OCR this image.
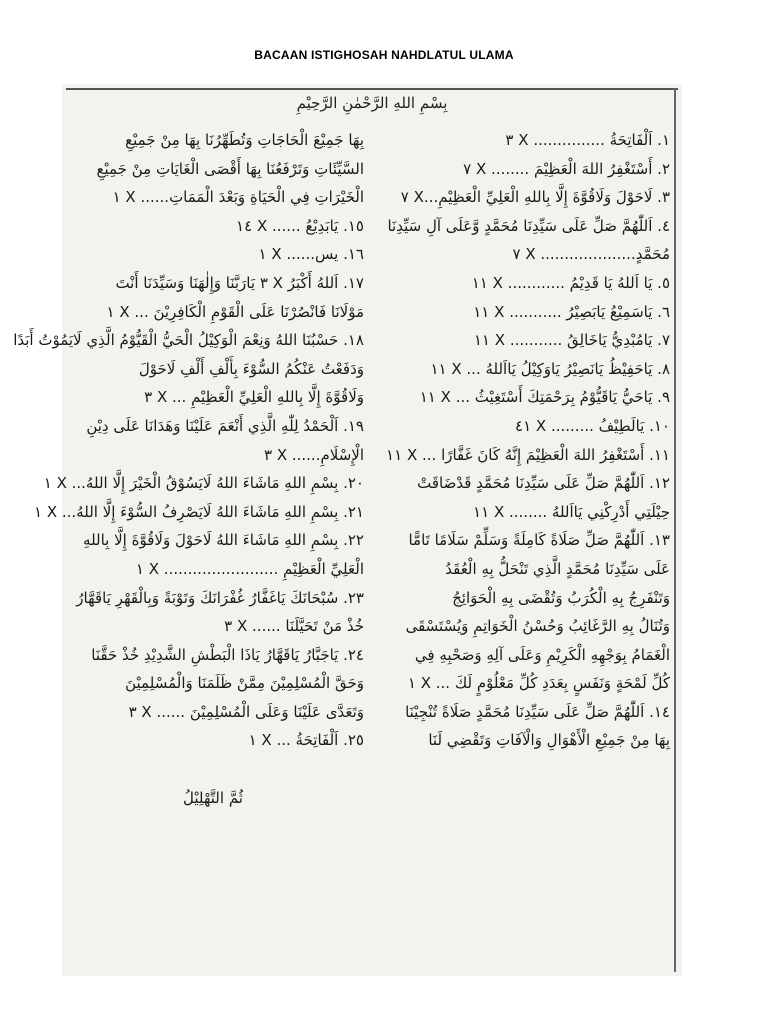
BACAAN ISTIGHOSAH NAHDLATUL ULAMA
بِسْمِ اللهِ الرَّحْمٰنِ الرَّحِيْمِ
١. اَلْفَاتِحَةُ ............... X ٣
٢. أَسْتَغْفِرُ اللهَ الْعَظِيْمَ ........ X ٧
٣. لَاحَوْلَ وَلَاقُوَّةَ إِلَّا بِاللهِ الْعَلِيِّ الْعَظِيْمِ...X ٧
٤. اَللّٰهُمَّ صَلِّ عَلَى سَيِّدِنَا مُحَمَّدٍ وَّعَلَى آلِ سَيِّدِنَا
مُحَمَّدٍ.................... X ٧
٥. يَا اَللهُ يَا قَدِيْمُ ............ X ١١
٦. يَاسَمِيْعُ يَابَصِيْرُ ........... X ١١
٧. يَامُبْدِيُّ يَاخَالِقُ ........... X ١١
٨. يَاحَفِيْظُ يَانَصِيْرُ يَاوَكِيْلُ يَااَللهُ ... X ١١
٩. يَاحَيُّ يَاقَيُّوْمُ بِرَحْمَتِكَ أَسْتَغِيْثُ ... X ١١
١٠. يَالَطِيْفُ ......... X ٤١
١١. أَسْتَغْفِرُ اللهَ الْعَظِيْمَ إِنَّهُ كَانَ غَفَّارًا ... X ١١
١٢. اَللّٰهُمَّ صَلِّ عَلَى سَيِّدِنَا مُحَمَّدٍ قَدْضَاقَتْ
حِيْلَتِي أَدْرِكْنِي يَااَللهُ ........ X ١١
١٣. اَللّٰهُمَّ صَلِّ صَلَاةً كَامِلَةً وَسَلِّمْ سَلَامًا تَامًّا
عَلَى سَيِّدِنَا مُحَمَّدٍ الَّذِي تَنْحَلُّ بِهِ الْعُقَدُ
وَتَنْفَرِجُ بِهِ الْكُرَبُ وَتُقْضَى بِهِ الْحَوَائِجُ
وَتُنَالُ بِهِ الرَّغَائِبُ وَحُسْنُ الْخَوَاتِمِ وَيُسْتَسْقَى
الْغَمَامُ بِوَجْهِهِ الْكَرِيْمِ وَعَلَى آلِهِ وَصَحْبِهِ فِي
كُلِّ لَمْحَةٍ وَنَفَسٍ بِعَدَدِ كُلِّ مَعْلُوْمٍ لَكَ ... X ١
١٤. اَللّٰهُمَّ صَلِّ عَلَى سَيِّدِنَا مُحَمَّدٍ صَلَاةً تُنْجِيْنَا
بِهَا مِنْ جَمِيْعِ الْأَهْوَالِ وَالْآفَاتِ وَتَقْضِي لَنَا
بِهَا جَمِيْعَ الْحَاجَاتِ وَتُطَهِّرُنَا بِهَا مِنْ جَمِيْعِ
السَّيِّئَاتِ وَتَرْفَعُنَا بِهَا أَقْصَى الْغَايَاتِ مِنْ جَمِيْعِ
الْخَيْرَاتِ فِي الْحَيَاةِ وَبَعْدَ الْمَمَاتِ...... X ١
١٥. يَابَدِيْعُ ...... X ١٤
١٦. يس...... X ١
١٧. اَللهُ أَكْبَرُ X ٣ يَارَبَّنَا وَإِلٰهَنَا وَسَيِّدَنَا أَنْتَ
مَوْلَانَا فَانْصُرْنَا عَلَى الْقَوْمِ الْكَافِرِيْنَ ... X ١
١٨. حَسْبُنَا اللهُ وَنِعْمَ الْوَكِيْلُ الْحَيُّ الْقَيُّوْمُ الَّذِي لَايَمُوْتُ أَبَدًا
وَدَفَعْتُ عَنْكُمُ السُّوْءَ بِأَلْفِ أَلْفِ لَاحَوْلَ
وَلَاقُوَّةَ إِلَّا بِاللهِ الْعَلِيِّ الْعَظِيْمِ ... X ٣
١٩. اَلْحَمْدُ لِلّٰهِ الَّذِي أَنْعَمَ عَلَيْنَا وَهَدَانَا عَلَى دِيْنِ
الْإِسْلَامِ...... X ٣
٢٠. بِسْمِ اللهِ مَاشَاءَ اللهُ لَايَسُوْقُ الْخَيْرَ إِلَّا اللهُ... X ١
٢١. بِسْمِ اللهِ مَاشَاءَ اللهُ لَايَصْرِفُ السُّوْءَ إِلَّا اللهُ... X ١
٢٢. بِسْمِ اللهِ مَاشَاءَ اللهُ لَاحَوْلَ وَلَاقُوَّةَ إِلَّا بِاللهِ
الْعَلِيِّ الْعَظِيْمِ ........................ X ١
٢٣. سُبْحَانَكَ يَاغَفَّارُ غُفْرَانَكَ وَتَوْبَةً وَبِالْقَهْرِ يَاقَهَّارُ
خُذْ مَنْ تَحَيَّلَنَا ...... X ٣
٢٤. يَاجَبَّارُ يَاقَهَّارُ يَاذَا الْبَطْشِ الشَّدِيْدِ خُذْ حَقَّنَا
وَحَقَّ الْمُسْلِمِيْنَ مِمَّنْ ظَلَمَنَا وَالْمُسْلِمِيْنَ
وَتَعَدَّى عَلَيْنَا وَعَلَى الْمُسْلِمِيْنَ ...... X ٣
٢٥. اَلْفَاتِحَةُ ... X ١
ثُمَّ التَّهْلِيْلُ
